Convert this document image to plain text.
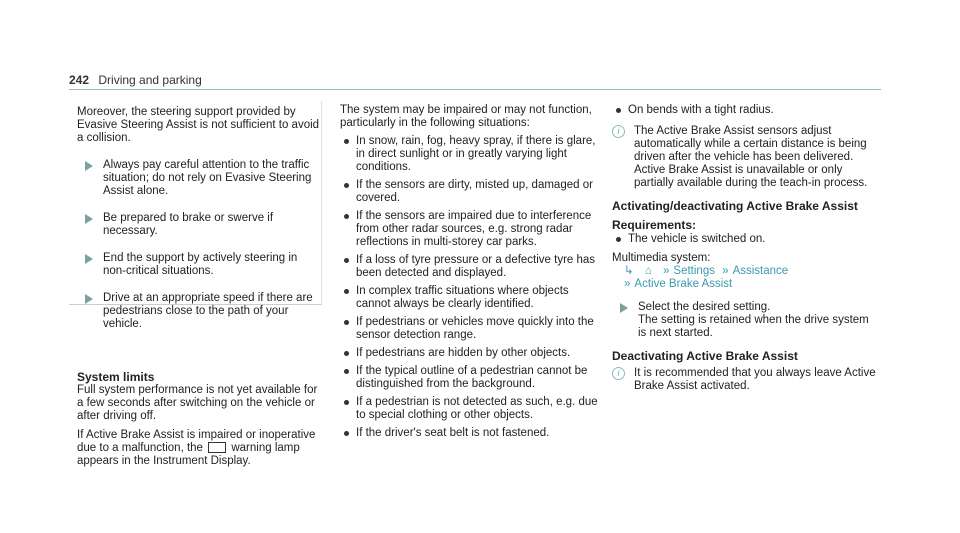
242 Driving and parking

Moreover, the steering support provided by Evasive Steering Assist is not sufficient to avoid a collision.

Always pay careful attention to the traffic situation; do not rely on Evasive Steering Assist alone.
Be prepared to brake or swerve if necessary.
End the support by actively steering in non-critical situations.
Drive at an appropriate speed if there are pedestrians close to the path of your vehicle.
System limits

Full system performance is not yet available for a few seconds after switching on the vehicle or after driving off.

If Active Brake Assist is impaired or inoperative due to a malfunction, the warning lamp appears in the Instrument Display.

The system may be impaired or may not function, particularly in the following situations:

In snow, rain, fog, heavy spray, if there is glare, in direct sunlight or in greatly varying light conditions.
If the sensors are dirty, misted up, damaged or covered.
If the sensors are impaired due to interference from other radar sources, e.g. strong radar reflections in multi-storey car parks.
If a loss of tyre pressure or a defective tyre has been detected and displayed.
In complex traffic situations where objects cannot always be clearly identified.
If pedestrians or vehicles move quickly into the sensor detection range.
If pedestrians are hidden by other objects.
If the typical outline of a pedestrian cannot be distinguished from the background.
If a pedestrian is not detected as such, e.g. due to special clothing or other objects.
If the driver's seat belt is not fastened.
On bends with a tight radius.
i	The Active Brake Assist sensors adjust automatically while a certain distance is being driven after the vehicle has been delivered. Active Brake Assist is unavailable or only partially available during the teach-in process.
Activating/deactivating Active Brake Assist
Requirements:
The vehicle is switched on.

Multimedia system:

↳ ⌂ » Settings » Assistance

» Active Brake Assist

Select the desired setting.
The setting is retained when the drive system is next started.
Deactivating Active Brake Assist
i	It is recommended that you always leave Active Brake Assist activated.
